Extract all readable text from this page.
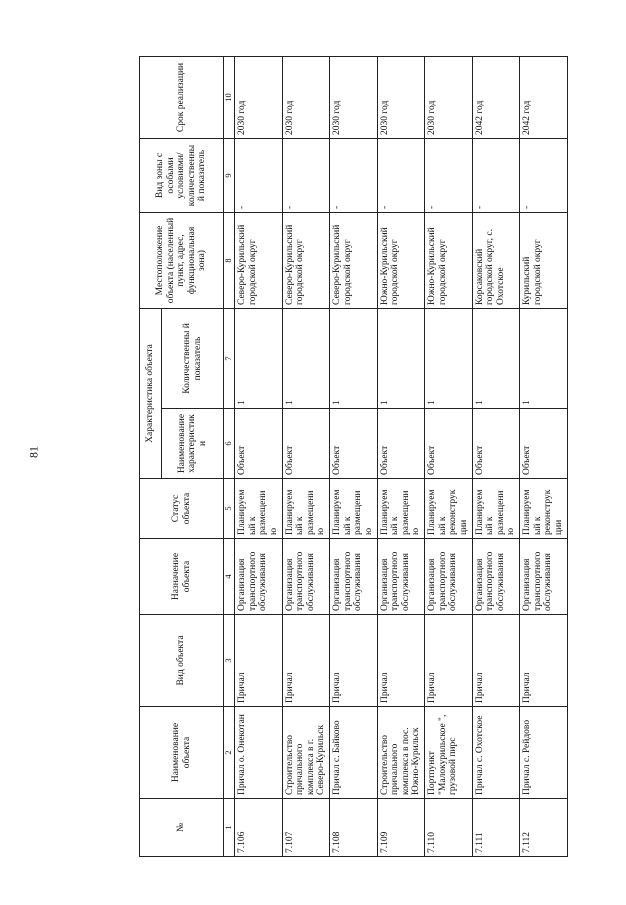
81
№	Наименование объекта	Вид объекта	Назначение объекта	Статус объекта	Характеристика объекта		Местоположение объекта (населенный пункт, адрес, функциональная зона)	Вид зоны с особыми условиями/ количественны й показатель	Срок реализации
					Наименование характеристики	Количественны й показатель			
1	2	3	4	5	6	7	8	9	10
7.106	Причал о. Онекотан	Причал	Организация транспортного обслуживания	Планируем ый к размещени ю	Объект	1	Северо-Курильский городской округ	-	2030 год
7.107	Строительство причального комплекса в г. Северо-Курильск	Причал	Организация транспортного обслуживания	Планируем ый к размещени ю	Объект	1	Северо-Курильский городской округ	-	2030 год
7.108	Причал с. Байково	Причал	Организация транспортного обслуживания	Планируем ый к размещени ю	Объект	1	Северо-Курильский городской округ	-	2030 год
7.109	Строительство причального комплекса в пос. Южно-Курильск	Причал	Организация транспортного обслуживания	Планируем ый к размещени ю	Объект	1	Южно-Курильский городской округ	-	2030 год
7.110	Портпункт "Малокурильское ", грузовой пирс	Причал	Организация транспортного обслуживания	Планируем ый к реконструк ции	Объект	1	Южно-Курильский городской округ	-	2030 год
7.111	Причал с. Охотское	Причал	Организация транспортного обслуживания	Планируем ый к размещени ю	Объект	1	Корсаковский городской округ, с. Охотское	-	2042 год
7.112	Причал с. Рейдово	Причал	Организация транспортного обслуживания	Планируем ый к реконструк ции	Объект	1	Курильский городской округ	-	2042 год
